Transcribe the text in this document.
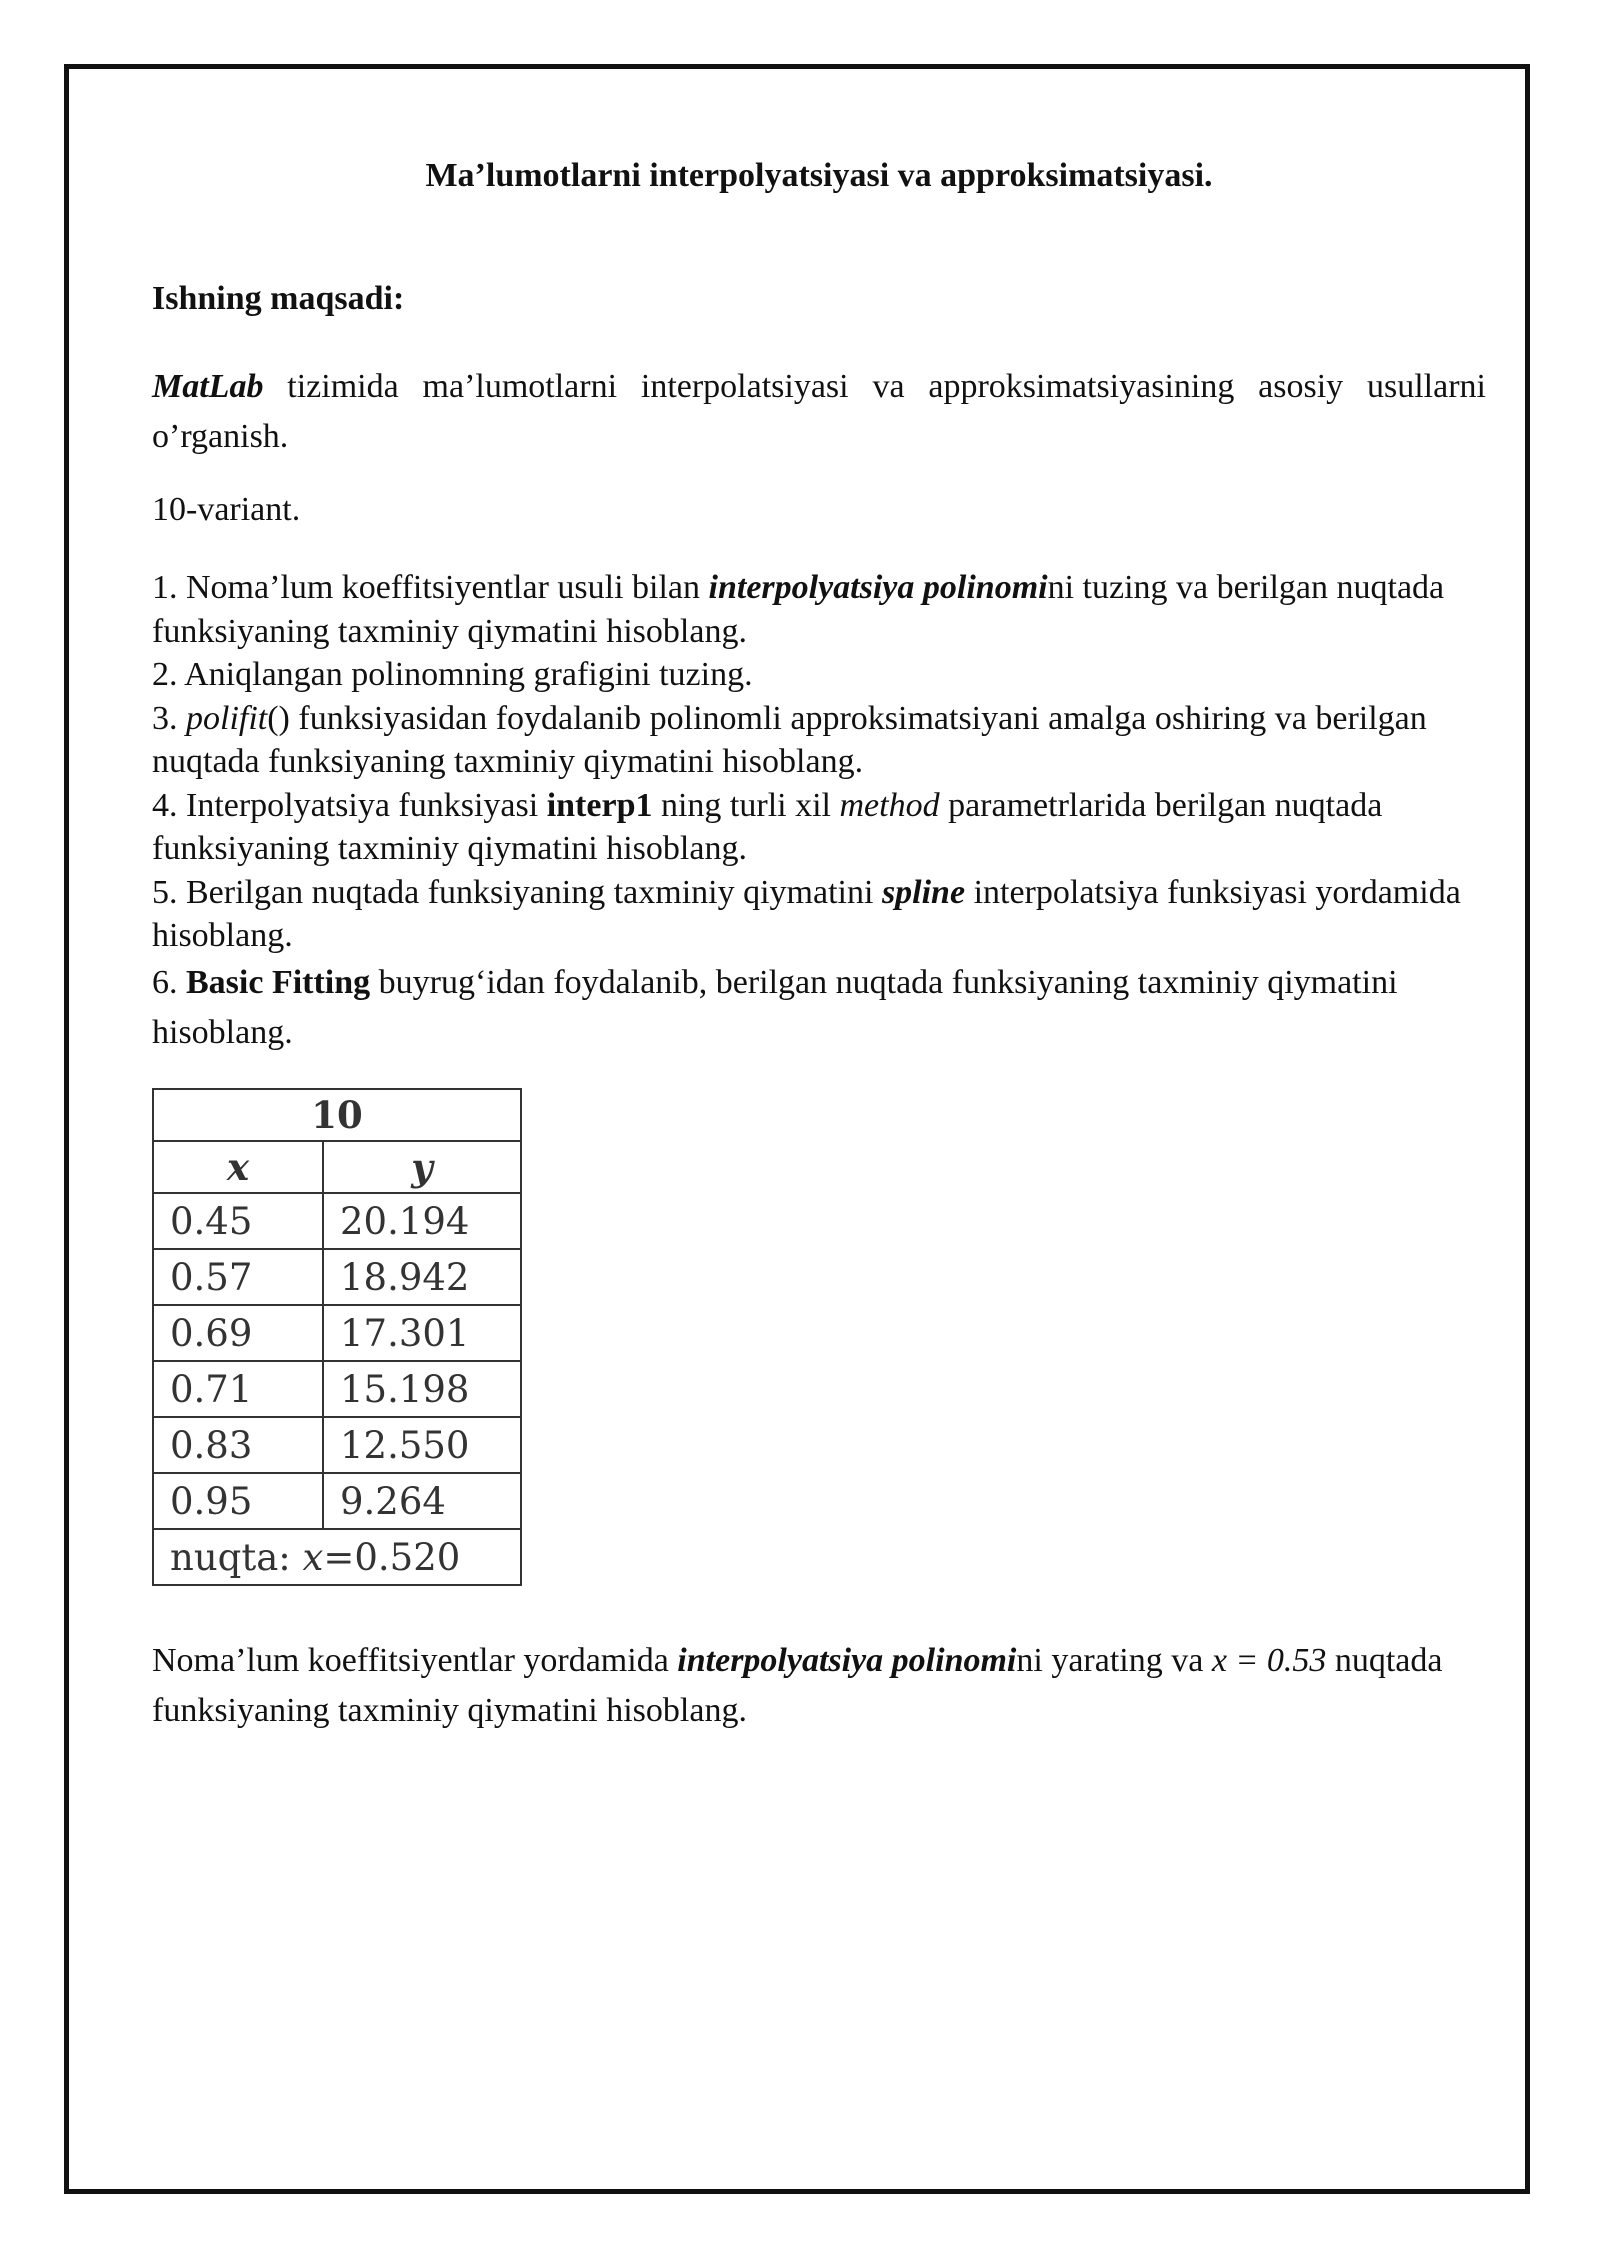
Ma’lumotlarni interpolyatsiyasi va approksimatsiyasi.
Ishning maqsadi:
MatLab tizimida ma’lumotlarni interpolatsiyasi va approksimatsiyasining asosiy usullarni o’rganish.
10-variant.

1. Noma’lum koeffitsiyentlar usuli bilan interpolyatsiya polinomini tuzing va berilgan nuqtada funksiyaning taxminiy qiymatini hisoblang.

2. Aniqlangan polinomning grafigini tuzing.

3. polifit() funksiyasidan foydalanib polinomli approksimatsiyani amalga oshiring va berilgan nuqtada funksiyaning taxminiy qiymatini hisoblang.

4. Interpolyatsiya funksiyasi interp1 ning turli xil method parametrlarida berilgan nuqtada funksiyaning taxminiy qiymatini hisoblang.

5. Berilgan nuqtada funksiyaning taxminiy qiymatini spline interpolatsiya funksiyasi yordamida hisoblang.

6. Basic Fitting buyrug‘idan foydalanib, berilgan nuqtada funksiyaning taxminiy qiymatini hisoblang.

10	
x	y
0.45	20.194
0.57	18.942
0.69	17.301
0.71	15.198
0.83	12.550
0.95	9.264
nuqta: x=0.520	
Noma’lum koeffitsiyentlar yordamida interpolyatsiya polinomini yarating va x = 0.53 nuqtada funksiyaning taxminiy qiymatini hisoblang.
